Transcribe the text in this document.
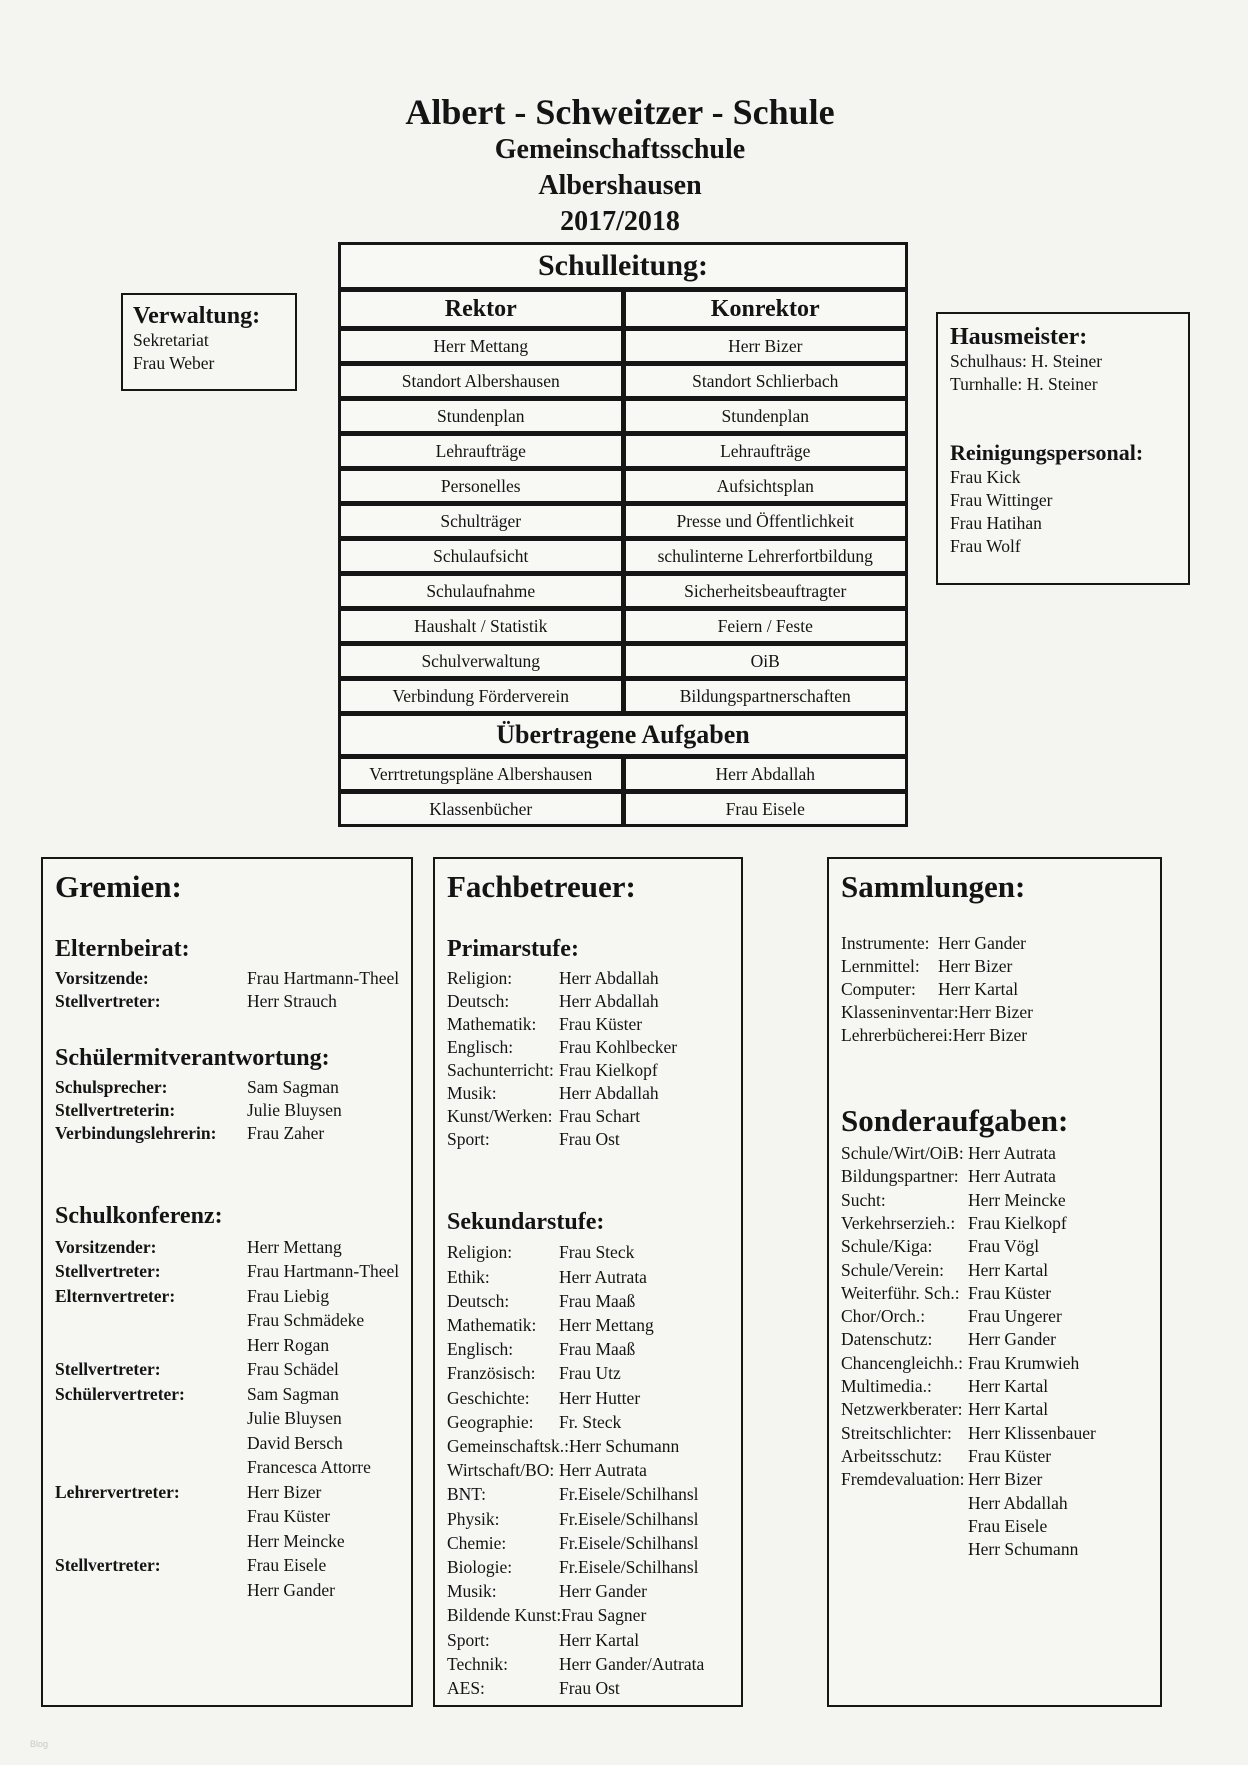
Albert - Schweitzer - Schule
Gemeinschaftsschule
Albershausen
2017/2018
Verwaltung:
Sekretariat
Frau Weber
Schulleitung:
Rektor	Konrektor
Herr Mettang	Herr Bizer
Standort Albershausen	Standort Schlierbach
Stundenplan	Stundenplan
Lehraufträge	Lehraufträge
Personelles	Aufsichtsplan
Schulträger	Presse und Öffentlichkeit
Schulaufsicht	schulinterne Lehrerfortbildung
Schulaufnahme	Sicherheitsbeauftragter
Haushalt / Statistik	Feiern / Feste
Schulverwaltung	OiB
Verbindung Förderverein	Bildungspartnerschaften
Übertragene Aufgaben
Verrtretungspläne Albershausen	Herr Abdallah
Klassenbücher	Frau Eisele
Hausmeister:
Schulhaus: H. Steiner
Turnhalle: H. Steiner
Reinigungspersonal:
Frau Kick
Frau Wittinger
Frau Hatihan
Frau Wolf
Gremien:
Elternbeirat:
Vorsitzende:	Frau Hartmann-Theel
Stellvertreter:	Herr Strauch
Schülermitverantwortung:
Schulsprecher:	Sam Sagman
Stellvertreterin:	Julie Bluysen
Verbindungslehrerin:	Frau Zaher
Schulkonferenz:
Vorsitzender:	Herr Mettang
Stellvertreter:	Frau Hartmann-Theel
Elternvertreter:	Frau Liebig
Frau Schmädeke
Herr Rogan
Stellvertreter:	Frau Schädel
Schülervertreter:	Sam Sagman
Julie Bluysen
David Bersch
Francesca Attorre
Lehrervertreter:	Herr Bizer
Frau Küster
Herr Meincke
Stellvertreter:	Frau Eisele
Herr Gander
Fachbetreuer:
Primarstufe:
Religion:	Herr Abdallah
Deutsch:	Herr Abdallah
Mathematik:	Frau Küster
Englisch:	Frau Kohlbecker
Sachunterricht: Frau Kielkopf
Musik:	Herr Abdallah
Kunst/Werken: Frau Schart
Sport:	Frau Ost
Sekundarstufe:
Religion:	Frau Steck
Ethik:	Herr Autrata
Deutsch:	Frau Maaß
Mathematik:	Herr Mettang
Englisch:	Frau Maaß
Französisch:	Frau Utz
Geschichte:	Herr Hutter
Geographie:	Fr. Steck
Gemeinschaftsk.: Herr Schumann
Wirtschaft/BO: Herr Autrata
BNT:	Fr.Eisele/Schilhansl
Physik:	Fr.Eisele/Schilhansl
Chemie:	Fr.Eisele/Schilhansl
Biologie:	Fr.Eisele/Schilhansl
Musik:	Herr Gander
Bildende Kunst: Frau Sagner
Sport:	Herr Kartal
Technik:	Herr Gander/Autrata
AES:	Frau Ost
Sammlungen:
Instrumente: Herr Gander
Lernmittel:	Herr Bizer
Computer:	Herr Kartal
Klasseninventar: Herr Bizer
Lehrerbücherei: Herr Bizer
Sonderaufgaben:
Schule/Wirt/OiB: Herr Autrata
Bildungspartner: Herr Autrata
Sucht:	Herr Meincke
Verkehrserzieh.: Frau Kielkopf
Schule/Kiga:	Frau Vögl
Schule/Verein:	Herr Kartal
Weiterführ. Sch.: Frau Küster
Chor/Orch.:	Frau Ungerer
Datenschutz:	Herr Gander
Chancengleichh.: Frau Krumwieh
Multimedia.:	Herr Kartal
Netzwerkberater: Herr Kartal
Streitschlichter: Herr Klissenbauer
Arbeitsschutz:	Frau Küster
Fremdevaluation: Herr Bizer
Herr Abdallah
Frau Eisele
Herr Schumann
Blog
